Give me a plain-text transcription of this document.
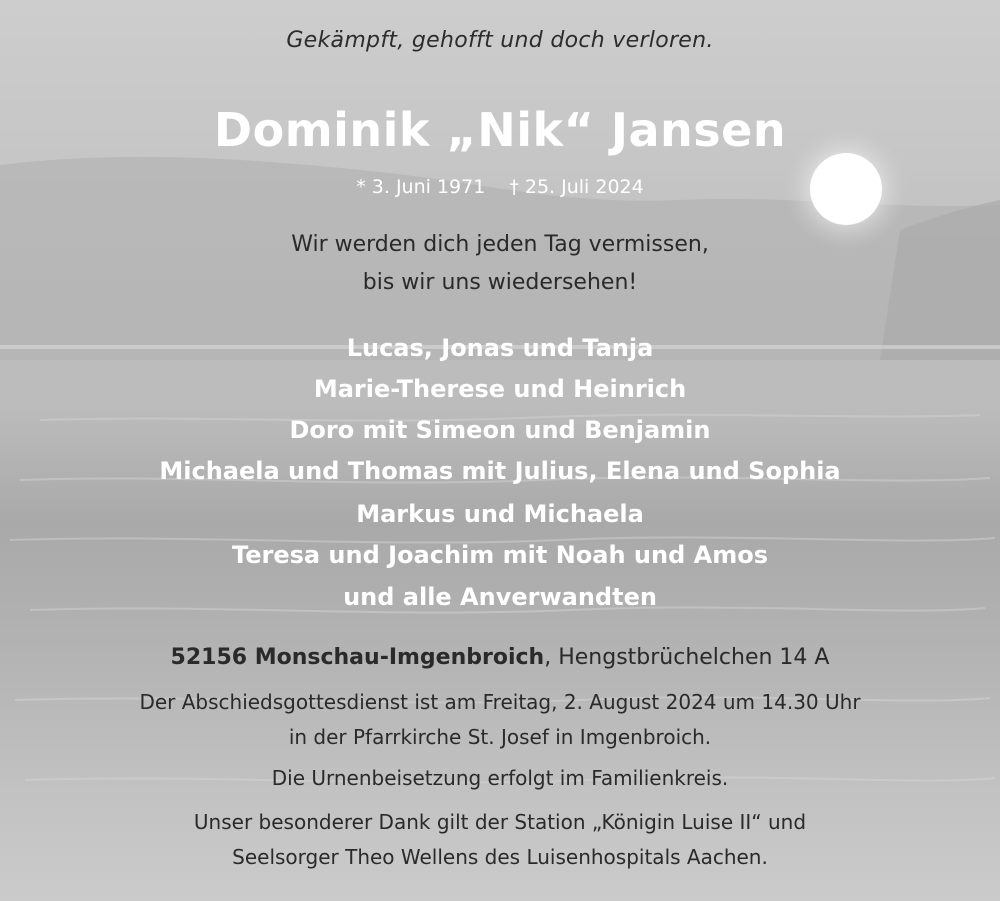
Gekämpft, gehofft und doch verloren.

Dominik „Nik“ Jansen

* 3. Juni 1971 † 25. Juli 2024

Wir werden dich jeden Tag vermissen,

bis wir uns wiedersehen!

Lucas, Jonas und Tanja

Marie-Therese und Heinrich

Doro mit Simeon und Benjamin

Michaela und Thomas mit Julius, Elena und Sophia

Markus und Michaela

Teresa und Joachim mit Noah und Amos

und alle Anverwandten

52156 Monschau-Imgenbroich, Hengstbrüchelchen 14 A

Der Abschiedsgottesdienst ist am Freitag, 2. August 2024 um 14.30 Uhr

in der Pfarrkirche St. Josef in Imgenbroich.

Die Urnenbeisetzung erfolgt im Familienkreis.

Unser besonderer Dank gilt der Station „Königin Luise II“ und

Seelsorger Theo Wellens des Luisenhospitals Aachen.
